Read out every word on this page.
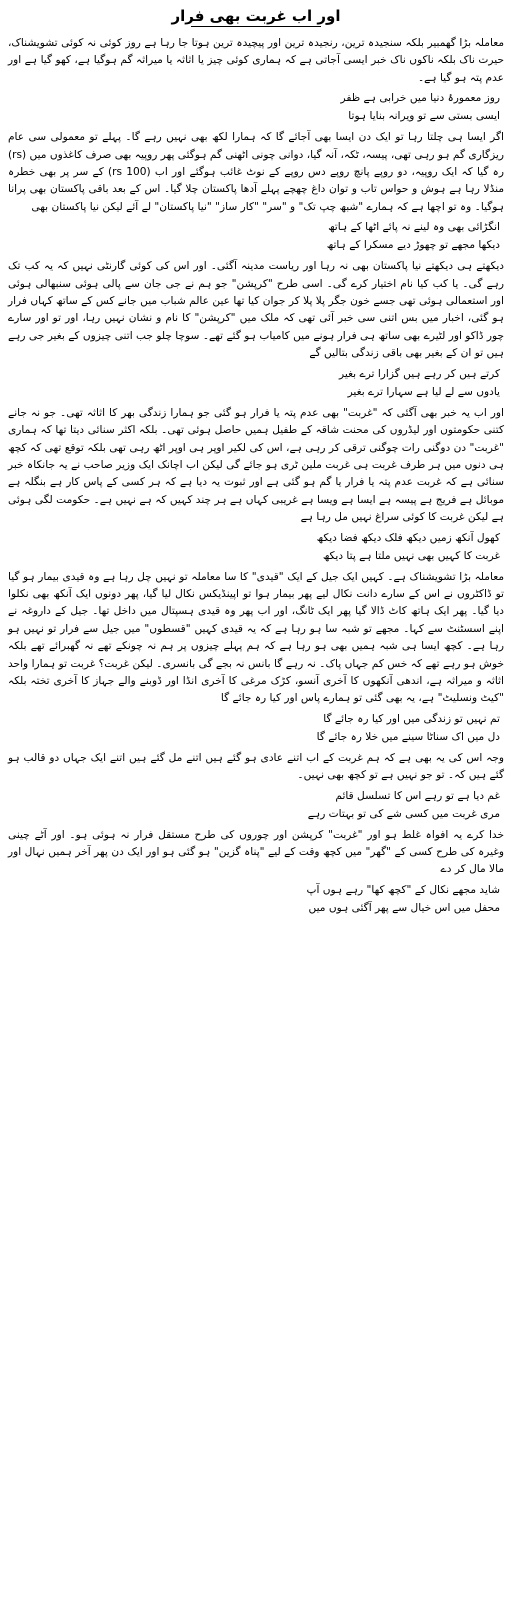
اور اب غربت بھی فرار

معاملہ بڑا گھمبیر بلکہ سنجیدہ ترین، رنجیدہ ترین اور پیچیدہ ترین ہوتا جا رہا ہے روز کوئی نہ کوئی تشویشناک، حیرت ناک بلکہ ناکوں ناک خبر ایسی آجاتی ہے کہ ہماری کوئی چیز یا اثاثہ یا میراثہ گم ہوگیا ہے، کھو گیا ہے اور عدم پتہ ہو گیا ہے۔

روز معمورۂ دنیا میں خرابی ہے ظفر
ایسی بستی سے تو ویرانہ بنایا ہوتا

اگر ایسا ہی چلتا رہا تو ایک دن ایسا بھی آجائے گا کہ ہمارا لکھ بھی نہیں رہے گا۔ پہلے تو معمولی سی عام ریزگاری گم ہو رہی تھی، پیسہ، ٹکہ، آنہ گیا، دوانی چونی اٹھنی گم ہوگئی پھر روپیہ بھی صرف کاغذوں میں (rs) رہ گیا کہ ایک روپیہ، دو روپے پانچ روپے دس روپے کے نوٹ غائب ہوگئے اور اب (rs 100) کے سر پر بھی خطرہ منڈلا رہا ہے ہوش و حواس تاب و توان داغ چھچے پہلے آدھا پاکستان چلا گیا۔ اس کے بعد باقی پاکستان بھی پرانا ہوگیا۔ وہ تو اچھا ہے کہ ہمارے "شبھ چپ تک" و "سر" "کار ساز" "نیا پاکستان" لے آئے لیکن نیا پاکستان بھی

انگڑائی بھی وہ لینے نہ پائے اٹھا کے ہاتھ
دیکھا مجھے تو چھوڑ دیے مسکرا کے ہاتھ

دیکھتے ہی دیکھتے نیا پاکستان بھی نہ رہا اور ریاست مدینہ آگئی۔ اور اس کی کوئی گارنٹی نہیں کہ یہ کب تک رہے گی۔ یا کب کیا نام اختیار کرے گی۔ اسی طرح "کرپشن" جو ہم نے جی جان سے پالی ہوئی سنبھالی ہوئی اور استعمالی ہوئی تھی جسے خون جگر پلا پلا کر جوان کیا تھا عین عالم شباب میں جانے کس کے ساتھ کہاں فرار ہو گئی، اخبار میں بس اتنی سی خبر آئی تھی کہ ملک میں "کرپشن" کا نام و نشان نہیں رہا، اور تو اور سارے چور ڈاکو اور لٹیرے بھی ساتھ ہی فرار ہونے میں کامیاب ہو گئے تھے۔ سوچا چلو جب اتنی چیزوں کے بغیر جی رہے ہیں تو ان کے بغیر بھی باقی زندگی بتالیں گے

کرتے ہیں کر رہے ہیں گزارا ترے بغیر
یادوں سے لے لیا ہے سہارا ترے بغیر

اور اب یہ خبر بھی آگئی کہ "غربت" بھی عدم پتہ یا فرار ہو گئی جو ہمارا زندگی بھر کا اثاثہ تھی۔ جو نہ جانے کتنی حکومتوں اور لیڈروں کی محنت شاقہ کے طفیل ہمیں حاصل ہوئی تھی۔ بلکہ اکثر سنائی دیتا تھا کہ ہماری "غربت" دن دوگنی رات چوگنی ترقی کر رہی ہے، اس کی لکیر اوپر ہی اوپر اٹھ رہی تھی بلکہ توقع تھی کہ کچھ ہی دنوں میں ہر طرف غربت ہی غربت ملین ٹری ہو جائے گی لیکن اب اچانک ایک وزیر صاحب نے یہ جانکاہ خبر سنائی ہے کہ غربت عدم پتہ یا فرار یا گم ہو گئی ہے اور ثبوت یہ دیا ہے کہ ہر کسی کے پاس کار ہے بنگلہ ہے موبائل ہے فریج ہے پیسہ ہے ایسا ہے ویسا ہے غریبی کہاں ہے ہر چند کہیں کہ ہے نہیں ہے۔ حکومت لگی ہوئی ہے لیکن غربت کا کوئی سراغ نہیں مل رہا ہے

کھول آنکھ زمیں دیکھ فلک دیکھ فضا دیکھ
غربت کا کہیں بھی نہیں ملتا ہے پتا دیکھ

معاملہ بڑا تشویشناک ہے۔ کہیں ایک جیل کے ایک "قیدی" کا سا معاملہ تو نہیں چل رہا ہے وہ قیدی بیمار ہو گیا تو ڈاکٹروں نے اس کے سارے دانت نکال لیے پھر بیمار ہوا تو اپینڈیکس نکال لیا گیا، پھر دونوں ایک آنکھ بھی نکلوا دیا گیا۔ پھر ایک ہاتھ کاٹ ڈالا گیا پھر ایک ٹانگ، اور اب پھر وہ قیدی ہسپتال میں داخل تھا۔ جیل کے داروغہ نے اپنے اسسٹنٹ سے کہا۔ مجھے تو شبہ سا ہو رہا ہے کہ یہ قیدی کہیں "قسطوں" میں جیل سے فرار تو نہیں ہو رہا ہے۔ کچھ ایسا ہی شبہ ہمیں بھی ہو رہا ہے کہ ہم پہلے چیزوں پر ہم نہ چونکے تھے نہ گھبرائے تھے بلکہ خوش ہو رہے تھے کہ خس کم جہاں پاک۔ نہ رہے گا بانس نہ بجے گی بانسری۔ لیکن غربت؟ غربت تو ہمارا واحد اثاثہ و میراثہ ہے، اندھی آنکھوں کا آخری آنسو، کڑک مرغی کا آخری انڈا اور ڈوبنے والے جہاز کا آخری تختہ بلکہ "کیٹ ونسلیٹ" ہے، یہ بھی گئی تو ہمارے پاس اور کیا رہ جائے گا

تم نہیں تو زندگی میں اور کیا رہ جائے گا
دل میں اک سناٹا سینے میں خلا رہ جائے گا

وجہ اس کی یہ بھی ہے کہ ہم غربت کے اب اتنے عادی ہو گئے ہیں اتنے مل گئے ہیں اتنے ایک جہاں دو قالب ہو گئے ہیں کہ۔ تو جو نہیں ہے تو کچھ بھی نہیں۔

غم دیا ہے تو رہے اس کا تسلسل قائم
مری غربت میں کسی شے کی تو بہتات رہے

خدا کرے یہ افواہ غلط ہو اور "غربت" کرپشن اور چوروں کی طرح مستقل فرار نہ ہوئی ہو۔ اور آٹے چینی وغیرہ کی طرح کسی کے "گھر" میں کچھ وقت کے لیے "پناہ گزین" ہو گئی ہو اور ایک دن پھر آخر ہمیں نہال اور مالا مال کر دے

شاید مجھے نکال کے "کچھ کھا" رہے ہوں آپ
محفل میں اس خیال سے پھر آگئی ہوں میں
